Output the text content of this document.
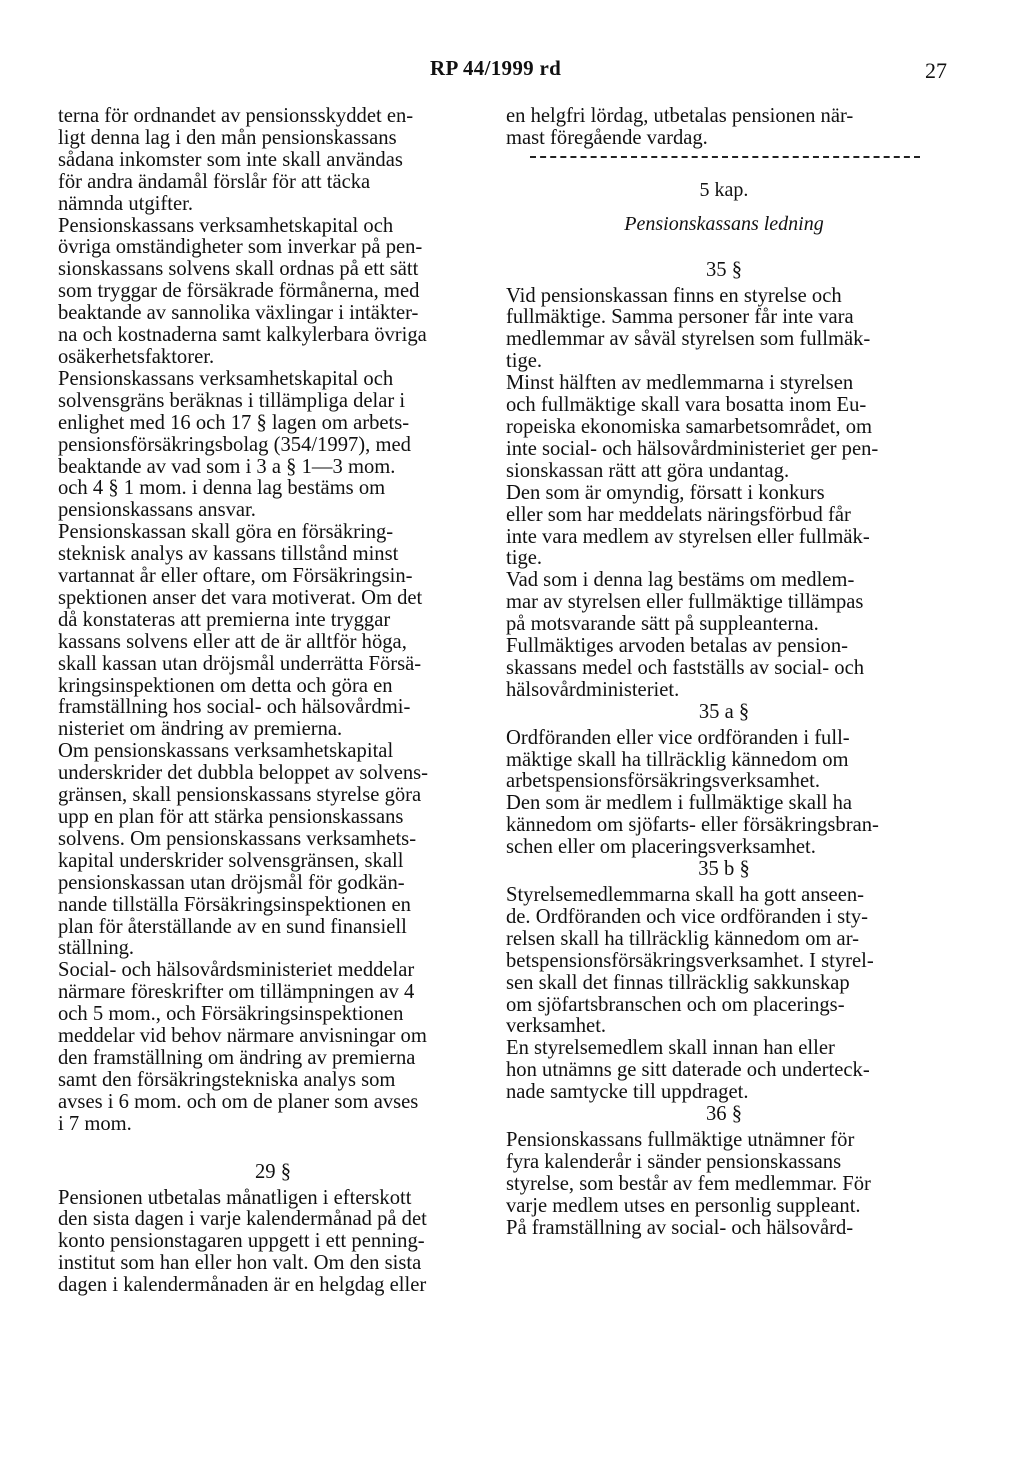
RP 44/1999 rd	27
terna för ordnandet av pensionsskyddet en-
ligt denna lag i den mån pensionskassans
sådana inkomster som inte skall användas
för andra ändamål förslår för att täcka
nämnda utgifter.
Pensionskassans verksamhetskapital och
övriga omständigheter som inverkar på pen-
sionskassans solvens skall ordnas på ett sätt
som tryggar de försäkrade förmånerna, med
beaktande av sannolika växlingar i intäkter-
na och kostnaderna samt kalkylerbara övriga
osäkerhetsfaktorer.
Pensionskassans verksamhetskapital och
solvensgräns beräknas i tillämpliga delar i
enlighet med 16 och 17 § lagen om arbets-
pensionsförsäkringsbolag (354/1997), med
beaktande av vad som i 3 a § 1—3 mom.
och 4 § 1 mom. i denna lag bestäms om
pensionskassans ansvar.
Pensionskassan skall göra en försäkring-
steknisk analys av kassans tillstånd minst
vartannat år eller oftare, om Försäkringsin-
spektionen anser det vara motiverat. Om det
då konstateras att premierna inte tryggar
kassans solvens eller att de är alltför höga,
skall kassan utan dröjsmål underrätta Försä-
kringsinspektionen om detta och göra en
framställning hos social- och hälsovårdmi-
nisteriet om ändring av premierna.
Om pensionskassans verksamhetskapital
underskrider det dubbla beloppet av solvens-
gränsen, skall pensionskassans styrelse göra
upp en plan för att stärka pensionskassans
solvens. Om pensionskassans verksamhets-
kapital underskrider solvensgränsen, skall
pensionskassan utan dröjsmål för godkän-
nande tillställa Försäkringsinspektionen en
plan för återställande av en sund finansiell
ställning.
Social- och hälsovårdsministeriet meddelar
närmare föreskrifter om tillämpningen av 4
och 5 mom., och Försäkringsinspektionen
meddelar vid behov närmare anvisningar om
den framställning om ändring av premierna
samt den försäkringstekniska analys som
avses i 6 mom. och om de planer som avses
i 7 mom.
29 §
Pensionen utbetalas månatligen i efterskott
den sista dagen i varje kalendermånad på det
konto pensionstagaren uppgett i ett penning-
institut som han eller hon valt. Om den sista
dagen i kalendermånaden är en helgdag eller
en helgfri lördag, utbetalas pensionen när-
mast föregående vardag.
5 kap.
Pensionskassans ledning
35 §
Vid pensionskassan finns en styrelse och
fullmäktige. Samma personer får inte vara
medlemmar av såväl styrelsen som fullmäk-
tige.
Minst hälften av medlemmarna i styrelsen
och fullmäktige skall vara bosatta inom Eu-
ropeiska ekonomiska samarbetsområdet, om
inte social- och hälsovårdministeriet ger pen-
sionskassan rätt att göra undantag.
Den som är omyndig, försatt i konkurs
eller som har meddelats näringsförbud får
inte vara medlem av styrelsen eller fullmäk-
tige.
Vad som i denna lag bestäms om medlem-
mar av styrelsen eller fullmäktige tillämpas
på motsvarande sätt på suppleanterna.
Fullmäktiges arvoden betalas av pension-
skassans medel och fastställs av social- och
hälsovårdministeriet.
35 a §
Ordföranden eller vice ordföranden i full-
mäktige skall ha tillräcklig kännedom om
arbetspensionsförsäkringsverksamhet.
Den som är medlem i fullmäktige skall ha
kännedom om sjöfarts- eller försäkringsbran-
schen eller om placeringsverksamhet.
35 b §
Styrelsemedlemmarna skall ha gott anseen-
de. Ordföranden och vice ordföranden i sty-
relsen skall ha tillräcklig kännedom om ar-
betspensionsförsäkringsverksamhet. I styrel-
sen skall det finnas tillräcklig sakkunskap
om sjöfartsbranschen och om placerings-
verksamhet.
En styrelsemedlem skall innan han eller
hon utnämns ge sitt daterade och underteck-
nade samtycke till uppdraget.
36 §
Pensionskassans fullmäktige utnämner för
fyra kalenderår i sänder pensionskassans
styrelse, som består av fem medlemmar. För
varje medlem utses en personlig suppleant.
På framställning av social- och hälsovård-
